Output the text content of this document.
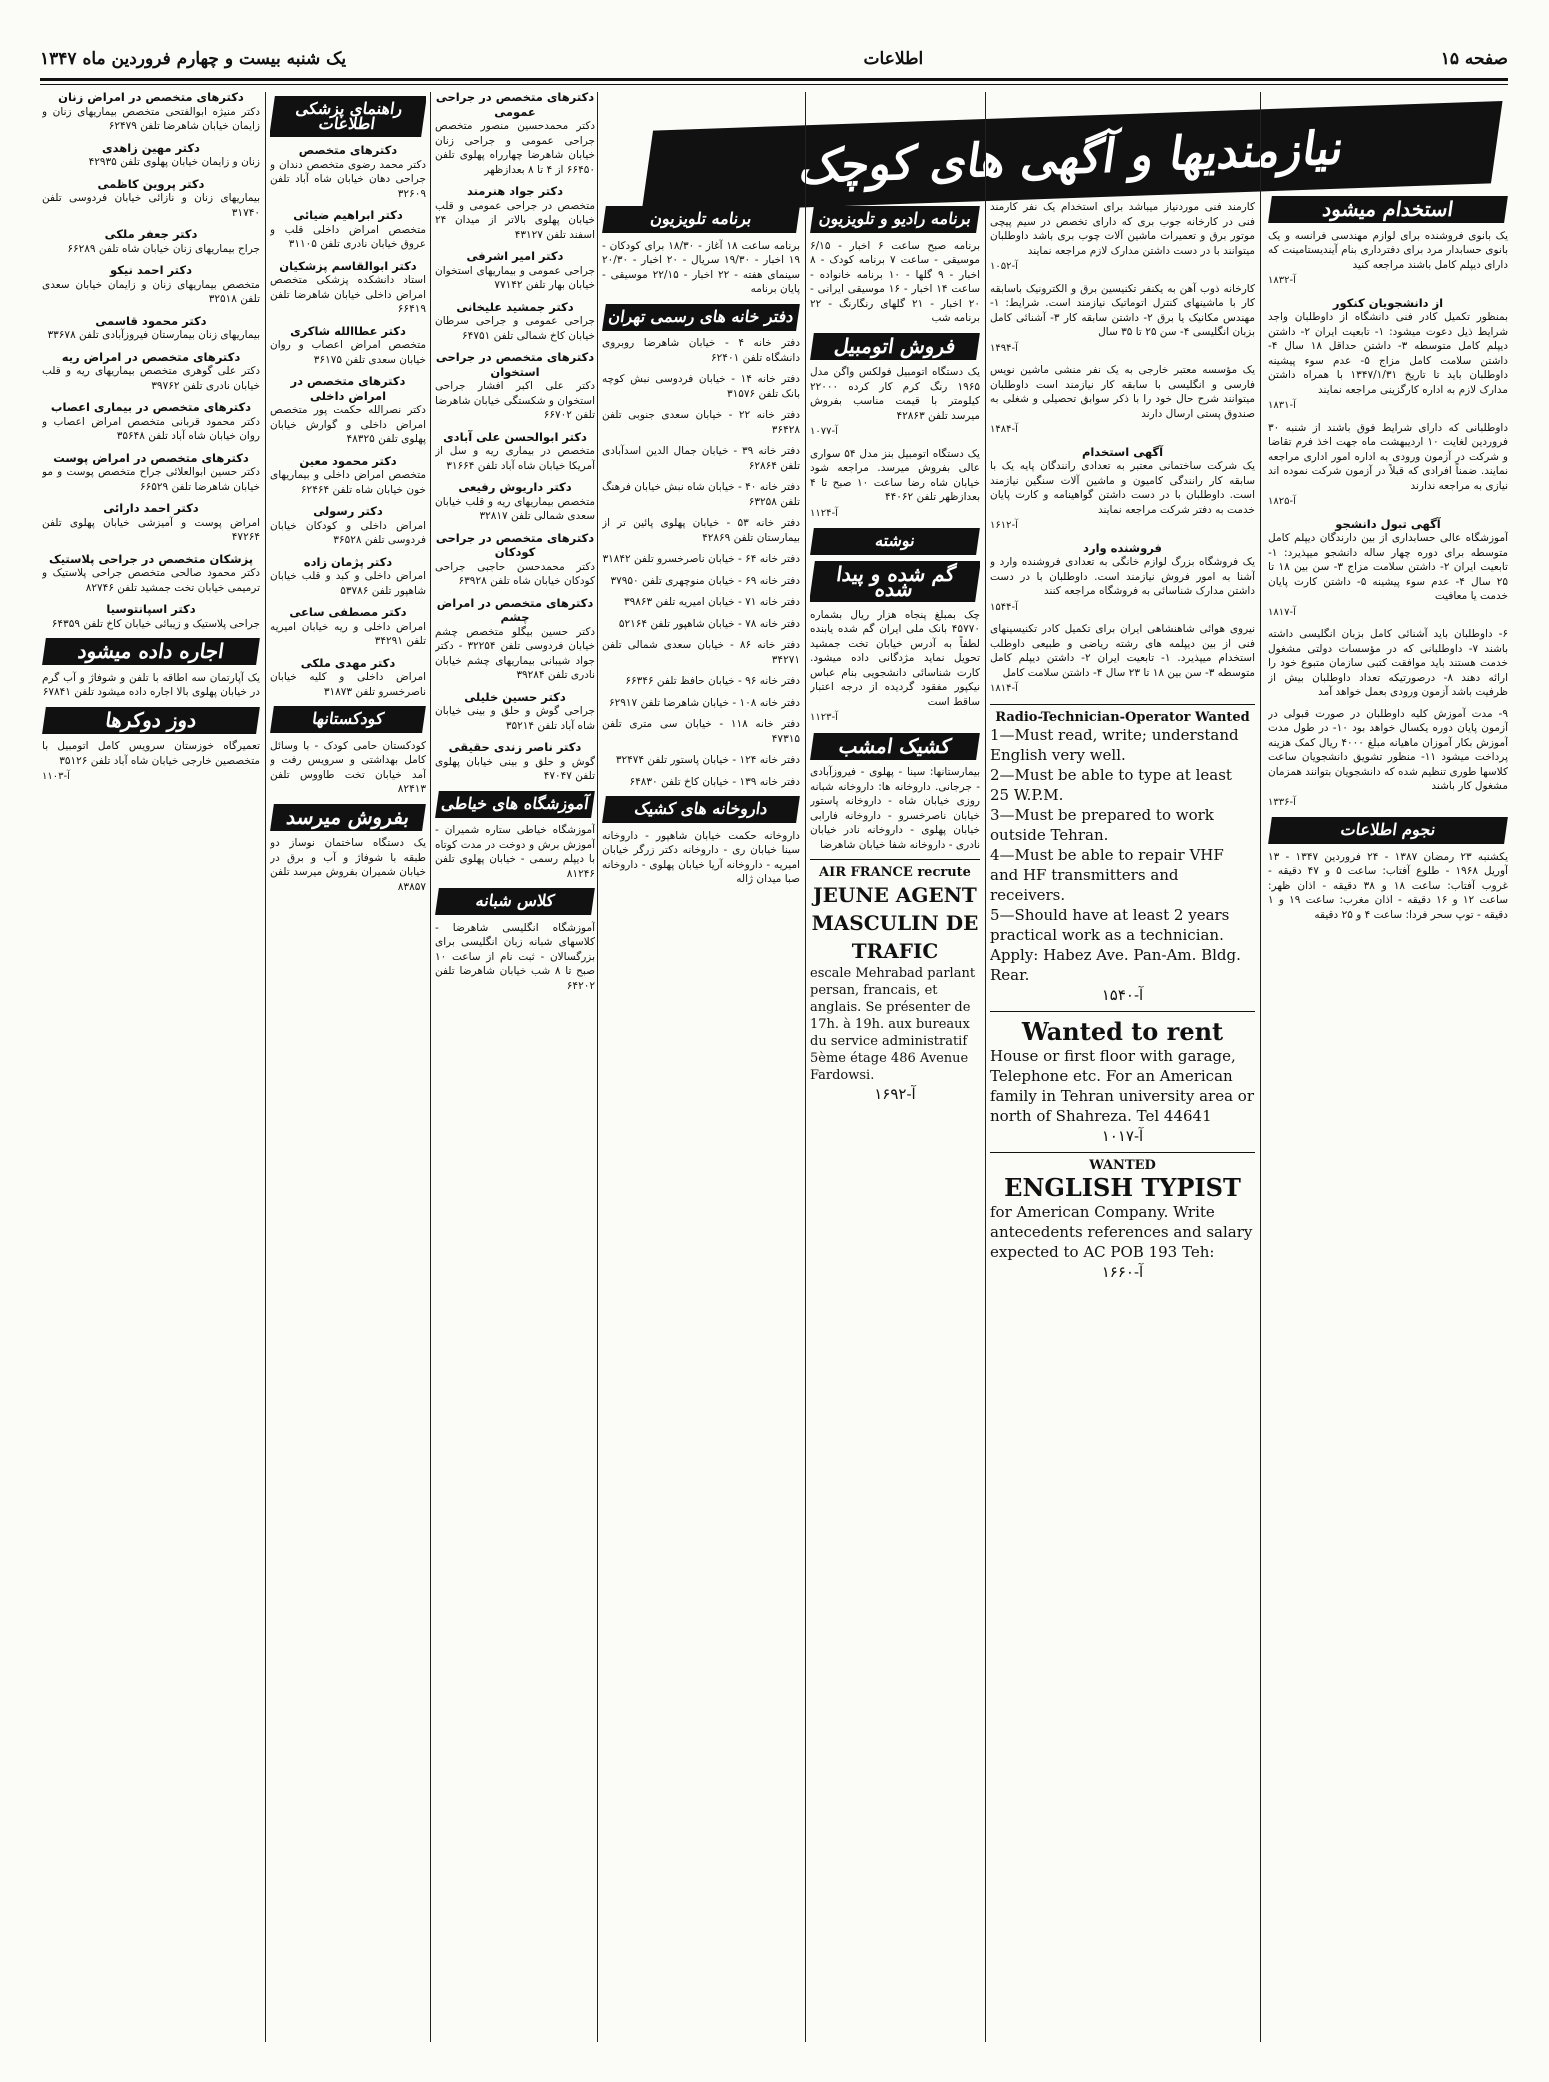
صفحه ۱۵
اطلاعات
یک شنبه بیست و چهارم فروردین ماه ۱۳۴۷
نیازمندیها و آگهی های کوچک
استخدام میشود
یک بانوی فروشنده برای لوازم مهندسی فرانسه و یک بانوی حسابدار مرد برای دفترداری بنام آیندیستامینت که دارای دیپلم کامل باشند مراجعه کنید
آ-۱۸۳۲
از دانشجویان کنکور
بمنظور تکمیل کادر فنی دانشگاه از داوطلبان واجد شرایط ذیل دعوت میشود: ۱- تابعیت ایران ۲- داشتن دیپلم کامل متوسطه ۳- داشتن حداقل ۱۸ سال ۴- داشتن سلامت کامل مزاج ۵- عدم سوء پیشینه داوطلبان باید تا تاریخ ۱۳۴۷/۱/۳۱ با همراه داشتن مدارک لازم به اداره کارگزینی مراجعه نمایند
آ-۱۸۳۱
داوطلبانی که دارای شرایط فوق باشند از شنبه ۳۰ فروردین لغایت ۱۰ اردیبهشت ماه جهت اخذ فرم تقاضا و شرکت در آزمون ورودی به اداره امور اداری مراجعه نمایند. ضمناً افرادی که قبلاً در آزمون شرکت نموده اند نیازی به مراجعه ندارند
آ-۱۸۲۵
آگهی تبول دانشجو
آموزشگاه عالی حسابداری از بین دارندگان دیپلم کامل متوسطه برای دوره چهار ساله دانشجو میپذیرد: ۱- تابعیت ایران ۲- داشتن سلامت مزاج ۳- سن بین ۱۸ تا ۲۵ سال ۴- عدم سوء پیشینه ۵- داشتن کارت پایان خدمت یا معافیت
آ-۱۸۱۷
۶- داوطلبان باید آشنائی کامل بزبان انگلیسی داشته باشند ۷- داوطلبانی که در مؤسسات دولتی مشغول خدمت هستند باید موافقت کتبی سازمان متبوع خود را ارائه دهند ۸- درصورتیکه تعداد داوطلبان بیش از ظرفیت باشد آزمون ورودی بعمل خواهد آمد
۹- مدت آموزش کلیه داوطلبان در صورت قبولی در آزمون پایان دوره یکسال خواهد بود ۱۰- در طول مدت آموزش بکار آموزان ماهیانه مبلغ ۴۰۰۰ ریال کمک هزینه پرداخت میشود ۱۱- منظور تشویق دانشجویان ساعت کلاسها طوری تنظیم شده که دانشجویان بتوانند همزمان مشغول کار باشند
آ-۱۳۳۶
نجوم اطلاعات
یکشنبه ۲۳ رمضان ۱۳۸۷ - ۲۴ فروردین ۱۳۴۷ - ۱۳ آوریل ۱۹۶۸ - طلوع آفتاب: ساعت ۵ و ۴۷ دقیقه - غروب آفتاب: ساعت ۱۸ و ۳۸ دقیقه - اذان ظهر: ساعت ۱۲ و ۱۶ دقیقه - اذان مغرب: ساعت ۱۹ و ۱ دقیقه - توپ سحر فردا: ساعت ۴ و ۲۵ دقیقه
کارمند فنی موردنیاز میباشد برای استخدام یک نفر کارمند فنی در کارخانه جوب بری که دارای تخصص در سیم پیچی موتور برق و تعمیرات ماشین آلات چوب بری باشد داوطلبان میتوانند با در دست داشتن مدارک لازم مراجعه نمایند
آ-۱۰۵۲
کارخانه ذوب آهن به یکنفر تکنیسین برق و الکترونیک باسابقه کار با ماشینهای کنترل اتوماتیک نیازمند است. شرایط: ۱- مهندس مکانیک یا برق ۲- داشتن سابقه کار ۳- آشنائی کامل بزبان انگلیسی ۴- سن ۲۵ تا ۳۵ سال
آ-۱۴۹۴
یک مؤسسه معتبر خارجی به یک نفر منشی ماشین نویس فارسی و انگلیسی با سابقه کار نیازمند است داوطلبان میتوانند شرح حال خود را با ذکر سوابق تحصیلی و شغلی به صندوق پستی ارسال دارند
آ-۱۴۸۴
آگهی استخدام
یک شرکت ساختمانی معتبر به تعدادی رانندگان پایه یک با سابقه کار رانندگی کامیون و ماشین آلات سنگین نیازمند است. داوطلبان با در دست داشتن گواهینامه و کارت پایان خدمت به دفتر شرکت مراجعه نمایند
آ-۱۶۱۲
فروشنده وارد
یک فروشگاه بزرگ لوازم خانگی به تعدادی فروشنده وارد و آشنا به امور فروش نیازمند است. داوطلبان با در دست داشتن مدارک شناسائی به فروشگاه مراجعه کنند
آ-۱۵۴۴
نیروی هوائی شاهنشاهی ایران برای تکمیل کادر تکنیسینهای فنی از بین دیپلمه های رشته ریاضی و طبیعی داوطلب استخدام میپذیرد. ۱- تابعیت ایران ۲- داشتن دیپلم کامل متوسطه ۳- سن بین ۱۸ تا ۲۳ سال ۴- داشتن سلامت کامل
آ-۱۸۱۴
Radio-Technician-Operator Wanted
1—Must read, write; understand English very well.
2—Must be able to type at least 25 W.P.M.
3—Must be prepared to work outside Tehran.
4—Must be able to repair VHF and HF transmitters and receivers.
5—Should have at least 2 years practical work as a technician.
Apply: Habez Ave. Pan-Am. Bldg. Rear.
آ-۱۵۴۰
Wanted to rent
House or first floor with garage, Telephone etc. For an American family in Tehran university area or north of Shahreza. Tel 44641
آ-۱۰۱۷
WANTED
ENGLISH TYPIST
for American Company. Write antecedents references and salary expected to AC POB 193 Teh:
آ-۱۶۶۰
برنامه رادیو و تلویزیون
برنامه صبح ساعت ۶ اخبار - ۶/۱۵ موسیقی - ساعت ۷ برنامه کودک - ۸ اخبار - ۹ گلها - ۱۰ برنامه خانواده - ساعت ۱۴ اخبار - ۱۶ موسیقی ایرانی - ۲۰ اخبار - ۲۱ گلهای رنگارنگ - ۲۲ برنامه شب
فروش اتومبیل
یک دستگاه اتومبیل فولکس واگن مدل ۱۹۶۵ رنگ کرم کار کرده ۲۲۰۰۰ کیلومتر با قیمت مناسب بفروش میرسد تلفن ۴۲۸۶۳
آ-۱۰۷۷
یک دستگاه اتومبیل بنز مدل ۵۴ سواری عالی بفروش میرسد. مراجعه شود خیابان شاه رضا ساعت ۱۰ صبح تا ۴ بعدازظهر تلفن ۴۴۰۶۲
آ-۱۱۲۴
نوشته
گم شده و پیدا شده
چک بمبلغ پنجاه هزار ریال بشماره ۴۵۷۷۰ بانک ملی ایران گم شده یابنده لطفاً به آدرس خیابان تخت جمشید تحویل نماید مژدگانی داده میشود. کارت شناسائی دانشجویی بنام عباس نیکپور مفقود گردیده از درجه اعتبار ساقط است
آ-۱۱۲۳
کشیک امشب
بیمارستانها: سینا - پهلوی - فیروزآبادی - جرجانی. داروخانه ها: داروخانه شبانه روزی خیابان شاه - داروخانه پاستور خیابان ناصرخسرو - داروخانه فارابی خیابان پهلوی - داروخانه نادر خیابان نادری - داروخانه شفا خیابان شاهرضا
AIR FRANCE recrute
JEUNE AGENT MASCULIN DE TRAFIC
escale Mehrabad parlant persan, francais, et anglais. Se présenter de 17h. à 19h. aux bureaux du service administratif 5ème étage 486 Avenue Fardowsi.
آ-۱۶۹۲
برنامه تلویزیون
برنامه ساعت ۱۸ آغاز - ۱۸/۳۰ برای کودکان - ۱۹ اخبار - ۱۹/۳۰ سریال - ۲۰ اخبار - ۲۰/۳۰ سینمای هفته - ۲۲ اخبار - ۲۲/۱۵ موسیقی - پایان برنامه
دفتر خانه های رسمی تهران
دفتر خانه ۴ - خیابان شاهرضا روبروی دانشگاه تلفن ۶۲۴۰۱
دفتر خانه ۱۴ - خیابان فردوسی نبش کوچه بانک تلفن ۳۱۵۷۶
دفتر خانه ۲۲ - خیابان سعدی جنوبی تلفن ۳۶۴۲۸
دفتر خانه ۳۹ - خیابان جمال الدین اسدآبادی تلفن ۶۲۸۶۴
دفتر خانه ۴۰ - خیابان شاه نبش خیابان فرهنگ تلفن ۶۳۲۵۸
دفتر خانه ۵۳ - خیابان پهلوی پائین تر از بیمارستان تلفن ۴۲۸۶۹
دفتر خانه ۶۴ - خیابان ناصرخسرو تلفن ۳۱۸۴۲
دفتر خانه ۶۹ - خیابان منوچهری تلفن ۳۷۹۵۰
دفتر خانه ۷۱ - خیابان امیریه تلفن ۳۹۸۶۳
دفتر خانه ۷۸ - خیابان شاهپور تلفن ۵۲۱۶۴
دفتر خانه ۸۶ - خیابان سعدی شمالی تلفن ۳۴۲۷۱
دفتر خانه ۹۶ - خیابان حافظ تلفن ۶۶۳۴۶
دفتر خانه ۱۰۸ - خیابان شاهرضا تلفن ۶۲۹۱۷
دفتر خانه ۱۱۸ - خیابان سی متری تلفن ۴۷۳۱۵
دفتر خانه ۱۲۴ - خیابان پاستور تلفن ۳۲۴۷۴
دفتر خانه ۱۳۹ - خیابان کاخ تلفن ۶۴۸۳۰
داروخانه های کشیک
داروخانه حکمت خیابان شاهپور - داروخانه سینا خیابان ری - داروخانه دکتر زرگر خیابان امیریه - داروخانه آریا خیابان پهلوی - داروخانه صبا میدان ژاله
دکترهای متخصص در جراحی عمومی
دکتر محمدحسین منصور متخصص جراحی عمومی و جراحی زنان خیابان شاهرضا چهارراه پهلوی تلفن ۶۶۴۵۰ از ۴ تا ۸ بعدازظهر
دکتر جواد هنرمند
متخصص در جراحی عمومی و قلب خیابان پهلوی بالاتر از میدان ۲۴ اسفند تلفن ۴۳۱۲۷
دکتر امیر اشرفی
جراحی عمومی و بیماریهای استخوان خیابان بهار تلفن ۷۷۱۴۲
دکتر جمشید علیخانی
جراحی عمومی و جراحی سرطان خیابان کاخ شمالی تلفن ۶۴۷۵۱
دکترهای متخصص در جراحی استخوان
دکتر علی اکبر افشار جراحی استخوان و شکستگی خیابان شاهرضا تلفن ۶۶۷۰۲
دکتر ابوالحسن علی آبادی
متخصص در بیماری ریه و سل از آمریکا خیابان شاه آباد تلفن ۳۱۶۶۴
دکتر داریوش رفیعی
متخصص بیماریهای ریه و قلب خیابان سعدی شمالی تلفن ۳۲۸۱۷
دکترهای متخصص در جراحی کودکان
دکتر محمدحسن حاجبی جراحی کودکان خیابان شاه تلفن ۶۳۹۲۸
دکترهای متخصص در امراض چشم
دکتر حسین بیگلو متخصص چشم خیابان فردوسی تلفن ۳۲۲۵۴ - دکتر جواد شیبانی بیماریهای چشم خیابان نادری تلفن ۳۹۲۸۴
دکتر حسین خلیلی
جراحی گوش و حلق و بینی خیابان شاه آباد تلفن ۳۵۲۱۴
دکتر ناصر زندی حقیقی
گوش و حلق و بینی خیابان پهلوی تلفن ۴۷۰۴۷
آموزشگاه های خیاطی
آموزشگاه خیاطی ستاره شمیران - آموزش برش و دوخت در مدت کوتاه با دیپلم رسمی - خیابان پهلوی تلفن ۸۱۲۴۶
کلاس شبانه
آموزشگاه انگلیسی شاهرضا - کلاسهای شبانه زبان انگلیسی برای بزرگسالان - ثبت نام از ساعت ۱۰ صبح تا ۸ شب خیابان شاهرضا تلفن ۶۴۲۰۲
راهنمای پزشکی اطلاعات
دکترهای متخصص
دکتر محمد رضوی متخصص دندان و جراحی دهان خیابان شاه آباد تلفن ۳۲۶۰۹
دکتر ابراهیم ضیائی
متخصص امراض داخلی قلب و عروق خیابان نادری تلفن ۳۱۱۰۵
دکتر ابوالقاسم پزشکیان
استاد دانشکده پزشکی متخصص امراض داخلی خیابان شاهرضا تلفن ۶۶۴۱۹
دکتر عطاالله شاکری
متخصص امراض اعصاب و روان خیابان سعدی تلفن ۳۶۱۷۵
دکترهای متخصص در امراض داخلی
دکتر نصرالله حکمت پور متخصص امراض داخلی و گوارش خیابان پهلوی تلفن ۴۸۳۲۵
دکتر محمود معین
متخصص امراض داخلی و بیماریهای خون خیابان شاه تلفن ۶۲۴۶۴
دکتر رسولی
امراض داخلی و کودکان خیابان فردوسی تلفن ۳۶۵۲۸
دکتر پژمان زاده
امراض داخلی و کبد و قلب خیابان شاهپور تلفن ۵۳۷۸۶
دکتر مصطفی ساعی
امراض داخلی و ریه خیابان امیریه تلفن ۳۴۲۹۱
دکتر مهدی ملکی
امراض داخلی و کلیه خیابان ناصرخسرو تلفن ۳۱۸۷۳
کودکستانها
کودکستان حامی کودک - با وسائل کامل بهداشتی و سرویس رفت و آمد خیابان تخت طاووس تلفن ۸۲۴۱۳
بفروش میرسد
یک دستگاه ساختمان نوساز دو طبقه با شوفاژ و آب و برق در خیابان شمیران بفروش میرسد تلفن ۸۳۸۵۷
دکترهای متخصص در امراض زنان
دکتر منیژه ابوالفتحی متخصص بیماریهای زنان و زایمان خیابان شاهرضا تلفن ۶۲۴۷۹
دکتر مهین زاهدی
زنان و زایمان خیابان پهلوی تلفن ۴۲۹۳۵
دکتر پروین کاظمی
بیماریهای زنان و نازائی خیابان فردوسی تلفن ۳۱۷۴۰
دکتر جعفر ملکی
جراح بیماریهای زنان خیابان شاه تلفن ۶۶۲۸۹
دکتر احمد نیکو
متخصص بیماریهای زنان و زایمان خیابان سعدی تلفن ۳۲۵۱۸
دکتر محمود قاسمی
بیماریهای زنان بیمارستان فیروزآبادی تلفن ۳۳۶۷۸
دکترهای متخصص در امراض ریه
دکتر علی گوهری متخصص بیماریهای ریه و قلب خیابان نادری تلفن ۳۹۷۶۲
دکترهای متخصص در بیماری اعصاب
دکتر محمود قربانی متخصص امراض اعصاب و روان خیابان شاه آباد تلفن ۳۵۶۴۸
دکترهای متخصص در امراض پوست
دکتر حسین ابوالعلائی جراح متخصص پوست و مو خیابان شاهرضا تلفن ۶۶۵۲۹
دکتر احمد دارائی
امراض پوست و آمیزشی خیابان پهلوی تلفن ۴۷۲۶۴
پزشکان متخصص در جراحی پلاستیک
دکتر محمود صالحی متخصص جراحی پلاستیک و ترمیمی خیابان تخت جمشید تلفن ۸۲۷۴۶
دکتر اسپانتوسیا
جراحی پلاستیک و زیبائی خیابان کاخ تلفن ۶۴۳۵۹
اجاره داده میشود
یک آپارتمان سه اطاقه با تلفن و شوفاژ و آب گرم در خیابان پهلوی بالا اجاره داده میشود تلفن ۶۷۸۴۱
دوز دوکرها
تعمیرگاه خوزستان سرویس کامل اتومبیل با متخصصین خارجی خیابان شاه آباد تلفن ۳۵۱۲۶
آ-۱۱۰۳
